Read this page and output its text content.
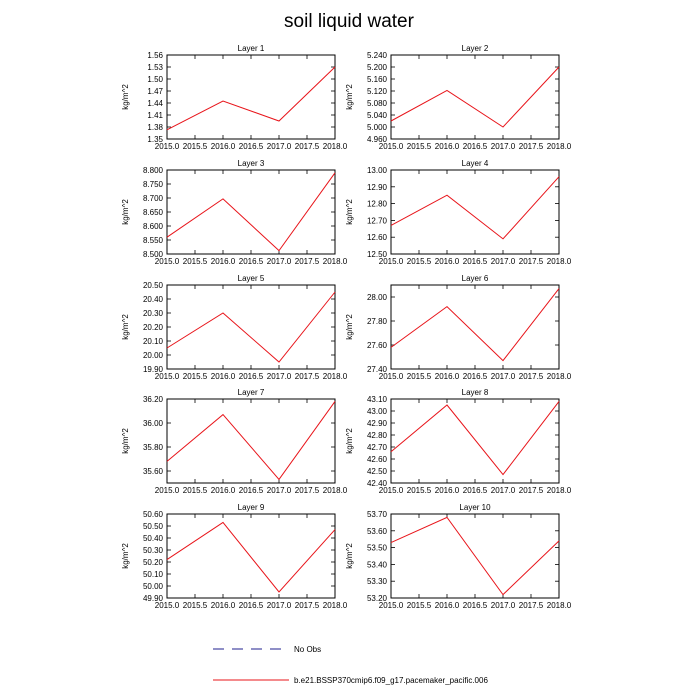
soil liquid water
Layer 1
kg/m^2
2015.0 2015.5 2016.0 2016.5 2017.0 2017.5 2018.0
1.35
1.38
1.41
1.44
1.47
1.50
1.53
1.56
Layer 2
kg/m^2
2015.0 2015.5 2016.0 2016.5 2017.0 2017.5 2018.0
4.960
5.000
5.040
5.080
5.120
5.160
5.200
5.240
Layer 3
kg/m^2
2015.0 2015.5 2016.0 2016.5 2017.0 2017.5 2018.0
8.500
8.550
8.600
8.650
8.700
8.750
8.800
Layer 4
kg/m^2
2015.0 2015.5 2016.0 2016.5 2017.0 2017.5 2018.0
12.50
12.60
12.70
12.80
12.90
13.00
Layer 5
kg/m^2
2015.0 2015.5 2016.0 2016.5 2017.0 2017.5 2018.0
19.90
20.00
20.10
20.20
20.30
20.40
20.50
Layer 6
kg/m^2
2015.0 2015.5 2016.0 2016.5 2017.0 2017.5 2018.0
27.40
27.60
27.80
28.00
Layer 7
kg/m^2
2015.0 2015.5 2016.0 2016.5 2017.0 2017.5 2018.0
35.60
35.80
36.00
36.20
Layer 8
kg/m^2
2015.0 2015.5 2016.0 2016.5 2017.0 2017.5 2018.0
42.40
42.50
42.60
42.70
42.80
42.90
43.00
43.10
Layer 9
kg/m^2
2015.0 2015.5 2016.0 2016.5 2017.0 2017.5 2018.0
49.90
50.00
50.10
50.20
50.30
50.40
50.50
50.60
Layer 10
kg/m^2
2015.0 2015.5 2016.0 2016.5 2017.0 2017.5 2018.0
53.20
53.30
53.40
53.50
53.60
53.70
No Obs
b.e21.BSSP370cmip6.f09_g17.pacemaker_pacific.006
